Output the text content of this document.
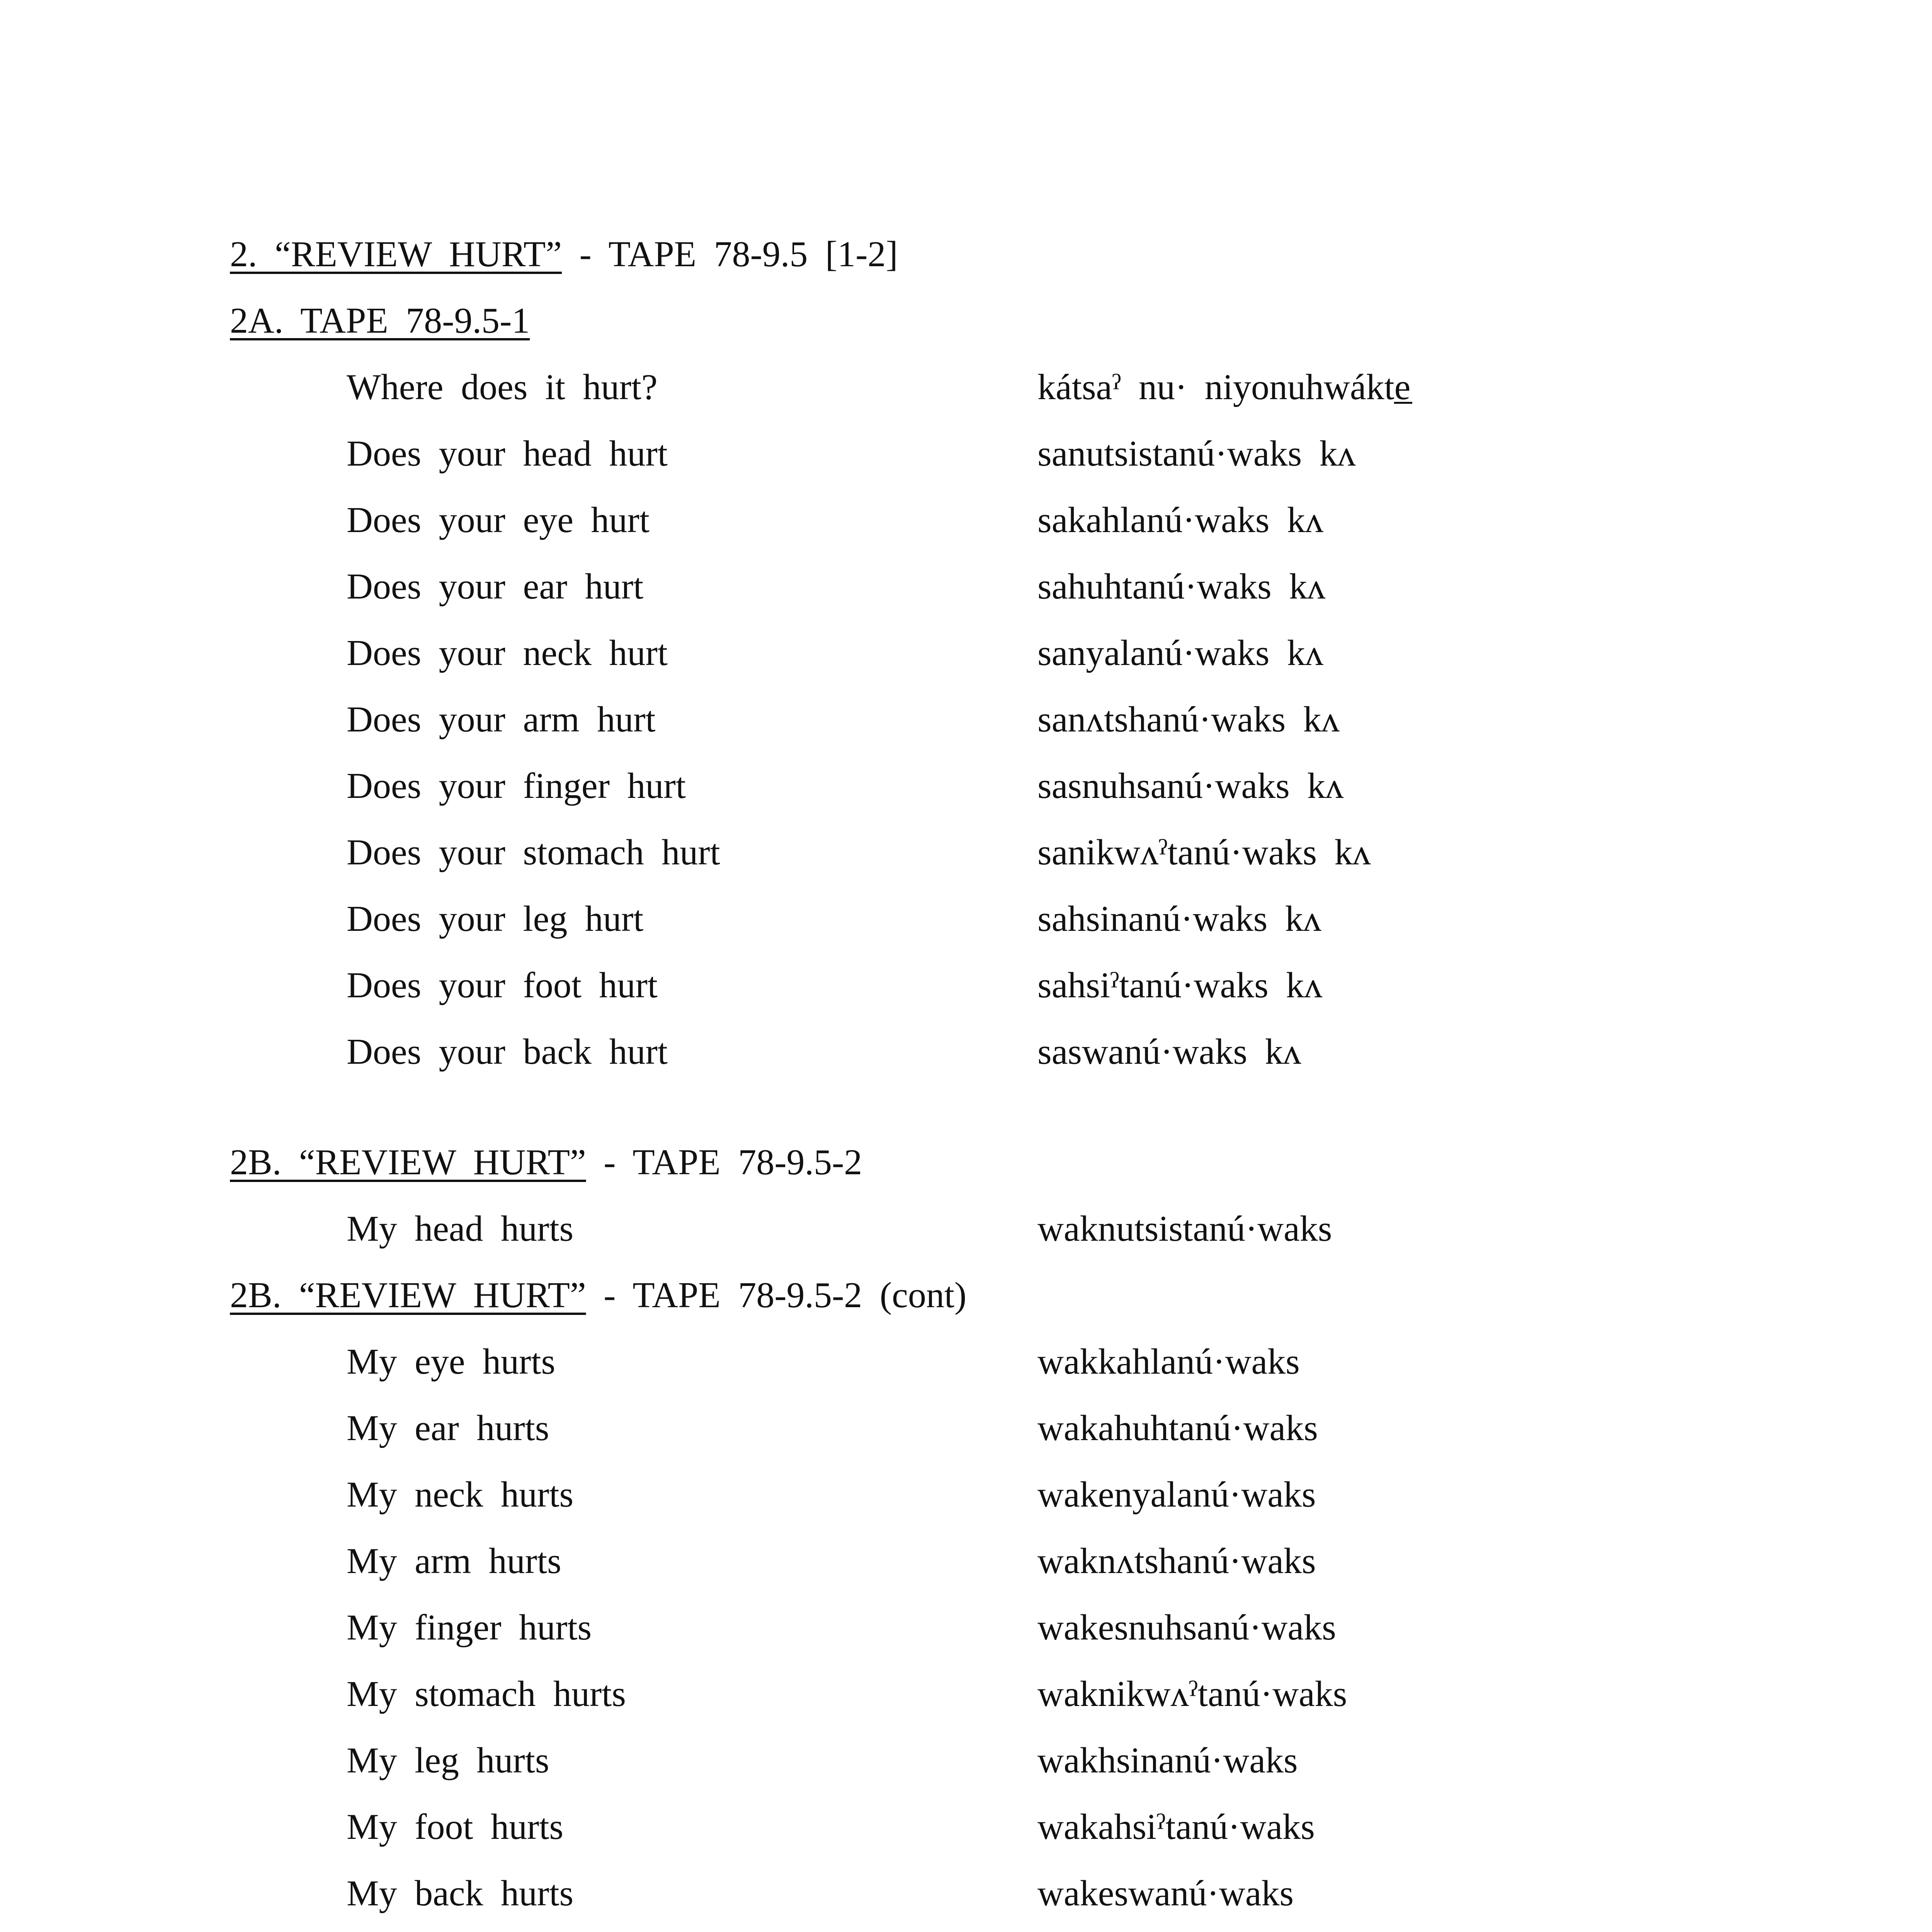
2. “REVIEW HURT” - TAPE 78-9.5 [1-2]
2A. TAPE 78-9.5-1
Where does it hurt?	kátsaˀ nu· niyonuhwákte̲
Does your head hurt	sanutsistanú·waks kʌ
Does your eye hurt	sakahlanú·waks kʌ
Does your ear hurt	sahuhtanú·waks kʌ
Does your neck hurt	sanyalanú·waks kʌ
Does your arm hurt	sanʌtshanú·waks kʌ
Does your finger hurt	sasnuhsanú·waks kʌ
Does your stomach hurt	sanikwʌˀtanú·waks kʌ
Does your leg hurt	sahsinanú·waks kʌ
Does your foot hurt	sahsiˀtanú·waks kʌ
Does your back hurt	saswanú·waks kʌ
2B. “REVIEW HURT” - TAPE 78-9.5-2
My head hurts	waknutsistanú·waks
2B. “REVIEW HURT” - TAPE 78-9.5-2 (cont)
My eye hurts	wakkahlanú·waks
My ear hurts	wakahuhtanú·waks
My neck hurts	wakenyalanú·waks
My arm hurts	waknʌtshanú·waks
My finger hurts	wakesnuhsanú·waks
My stomach hurts	waknikwʌˀtanú·waks
My leg hurts	wakhsinanú·waks
My foot hurts	wakahsiˀtanú·waks
My back hurts	wakeswanú·waks
